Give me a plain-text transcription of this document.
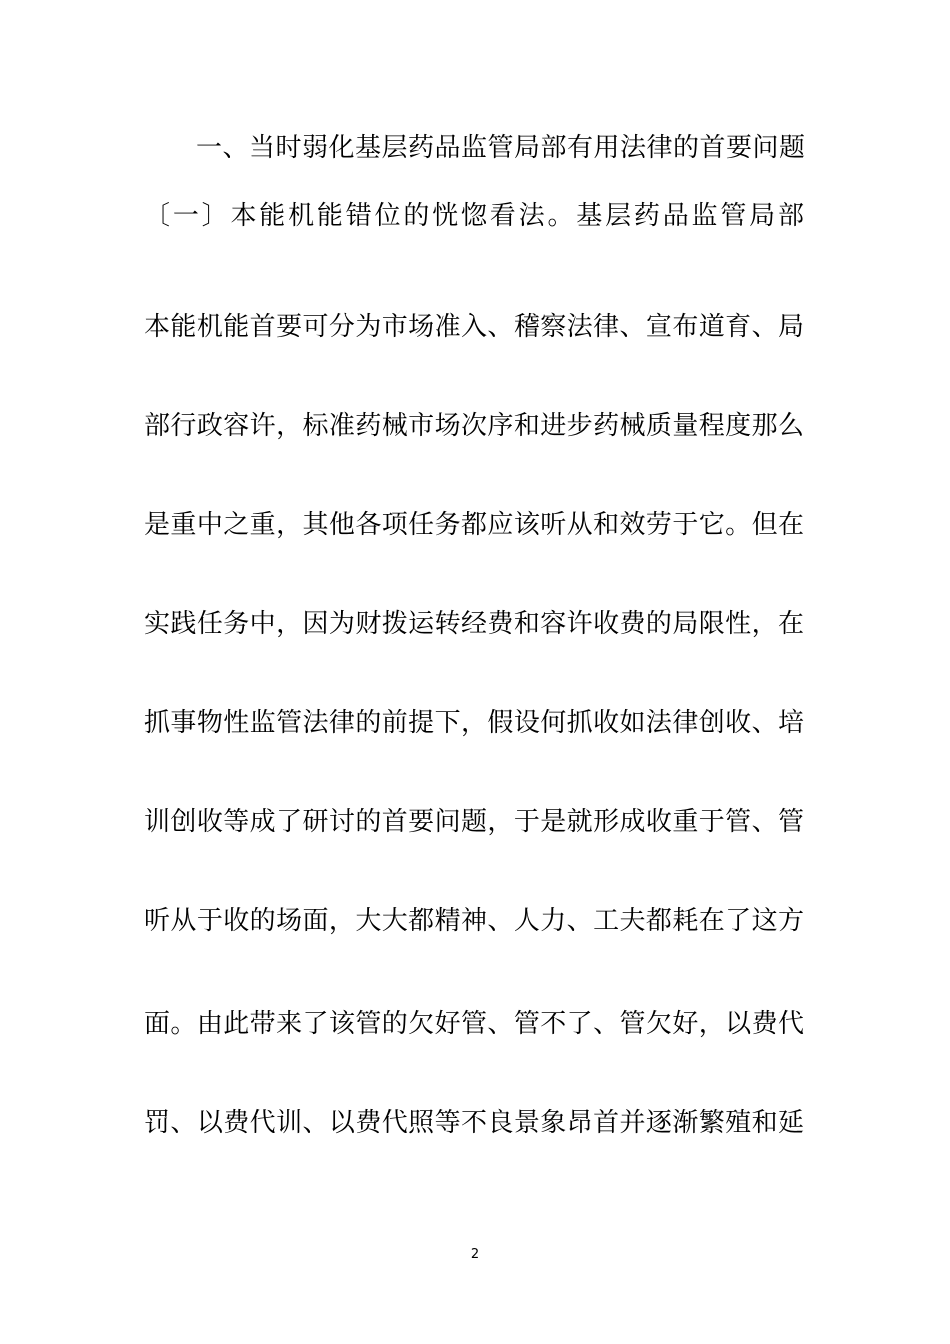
一、当时弱化基层药品监管局部有用法律的首要问题
〔一〕本能机能错位的恍惚看法。基层药品监管局部
本能机能首要可分为市场准入、稽察法律、宣布道育、局
部行政容许，标准药械市场次序和进步药械质量程度那么
是重中之重，其他各项任务都应该听从和效劳于它。但在
实践任务中，因为财拨运转经费和容许收费的局限性，在
抓事物性监管法律的前提下，假设何抓收如法律创收、培
训创收等成了研讨的首要问题，于是就形成收重于管、管
听从于收的场面，大大都精神、人力、工夫都耗在了这方
面。由此带来了该管的欠好管、管不了、管欠好，以费代
罚、以费代训、以费代照等不良景象昂首并逐渐繁殖和延
2
